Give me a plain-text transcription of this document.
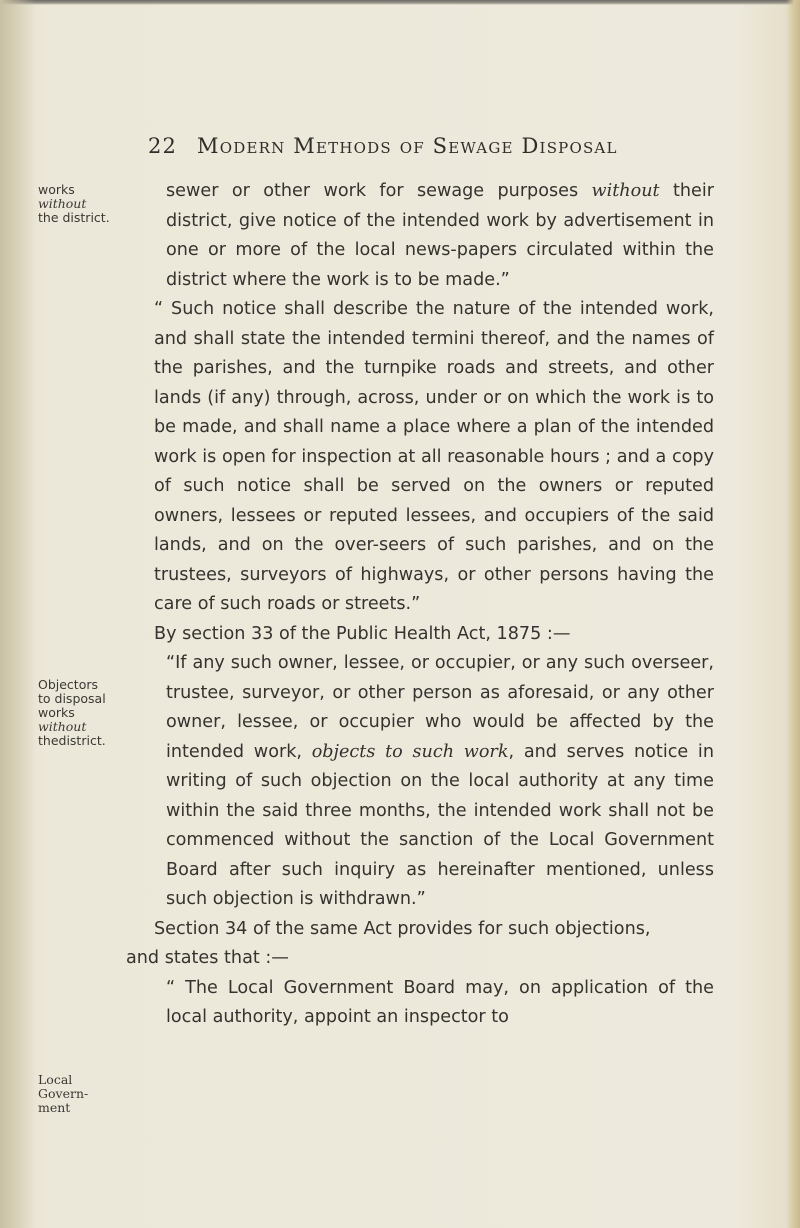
22 Modern Methods of Sewage Disposal
works
without
the district.
Objectors
to disposal
works
without
thedistrict.
Local
Govern-
ment

sewer or other work for sewage purposes without their district, give notice of the intended work by advertisement in one or more of the local news-papers circulated within the district where the work is to be made.”

“ Such notice shall describe the nature of the intended work, and shall state the intended termini thereof, and the names of the parishes, and the turnpike roads and streets, and other lands (if any) through, across, under or on which the work is to be made, and shall name a place where a plan of the intended work is open for inspection at all reasonable hours ; and a copy of such notice shall be served on the owners or reputed owners, lessees or reputed lessees, and occupiers of the said lands, and on the over-seers of such parishes, and on the trustees, surveyors of highways, or other persons having the care of such roads or streets.”

By section 33 of the Public Health Act, 1875 :—

“If any such owner, lessee, or occupier, or any such overseer, trustee, surveyor, or other person as aforesaid, or any other owner, lessee, or occupier who would be affected by the intended work, objects to such work, and serves notice in writing of such objection on the local authority at any time within the said three months, the intended work shall not be commenced without the sanction of the Local Government Board after such inquiry as hereinafter mentioned, unless such objection is withdrawn.”

Section 34 of the same Act provides for such objections,

and states that :—

“ The Local Government Board may, on application of the local authority, appoint an inspector to
